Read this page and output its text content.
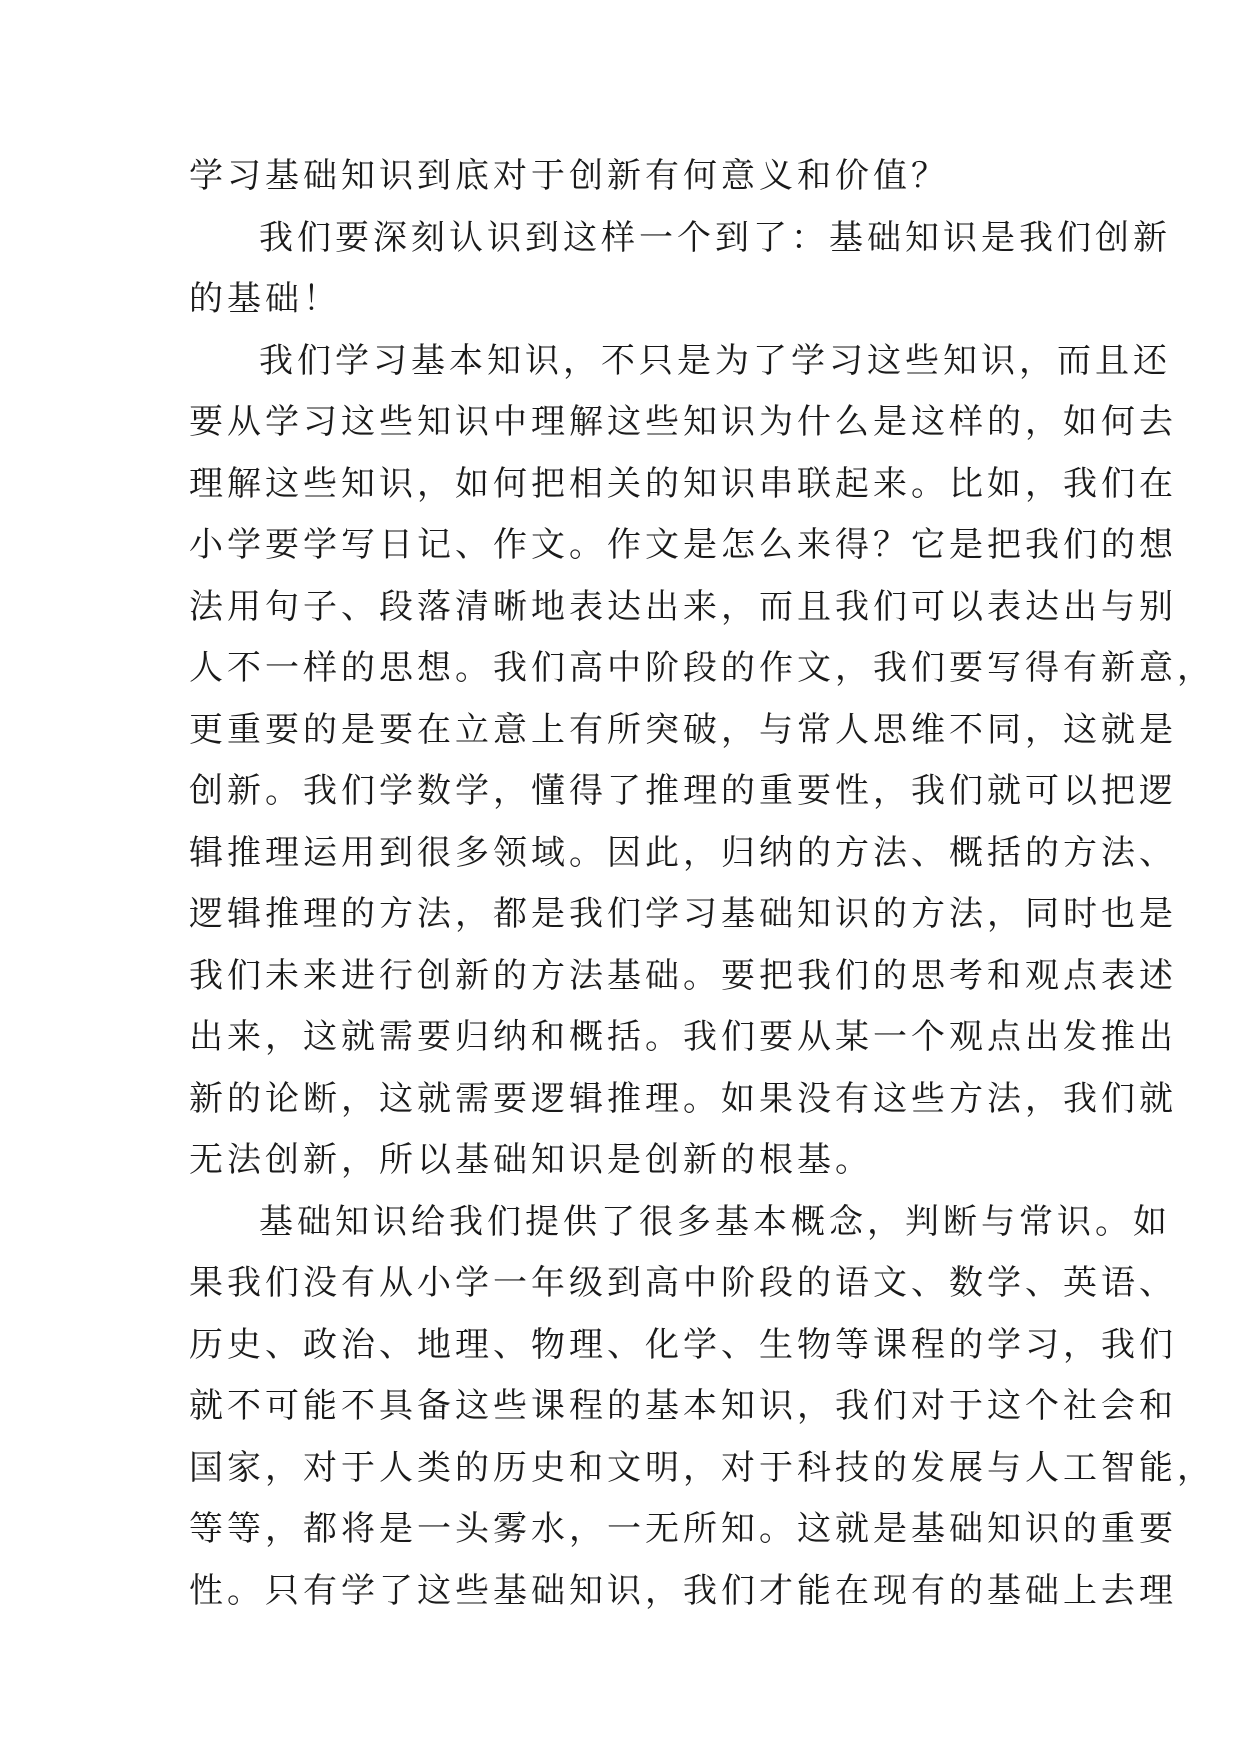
学习基础知识到底对于创新有何意义和价值？
我们要深刻认识到这样一个到了：基础知识是我们创新
的基础！
我们学习基本知识，不只是为了学习这些知识，而且还
要从学习这些知识中理解这些知识为什么是这样的，如何去
理解这些知识，如何把相关的知识串联起来。比如，我们在
小学要学写日记、作文。作文是怎么来得？它是把我们的想
法用句子、段落清晰地表达出来，而且我们可以表达出与别
人不一样的思想。我们高中阶段的作文，我们要写得有新意，
更重要的是要在立意上有所突破，与常人思维不同，这就是
创新。我们学数学，懂得了推理的重要性，我们就可以把逻
辑推理运用到很多领域。因此，归纳的方法、概括的方法、
逻辑推理的方法，都是我们学习基础知识的方法，同时也是
我们未来进行创新的方法基础。要把我们的思考和观点表述
出来，这就需要归纳和概括。我们要从某一个观点出发推出
新的论断，这就需要逻辑推理。如果没有这些方法，我们就
无法创新，所以基础知识是创新的根基。
基础知识给我们提供了很多基本概念，判断与常识。如
果我们没有从小学一年级到高中阶段的语文、数学、英语、
历史、政治、地理、物理、化学、生物等课程的学习，我们
就不可能不具备这些课程的基本知识，我们对于这个社会和
国家，对于人类的历史和文明，对于科技的发展与人工智能，
等等，都将是一头雾水，一无所知。这就是基础知识的重要
性。只有学了这些基础知识，我们才能在现有的基础上去理
